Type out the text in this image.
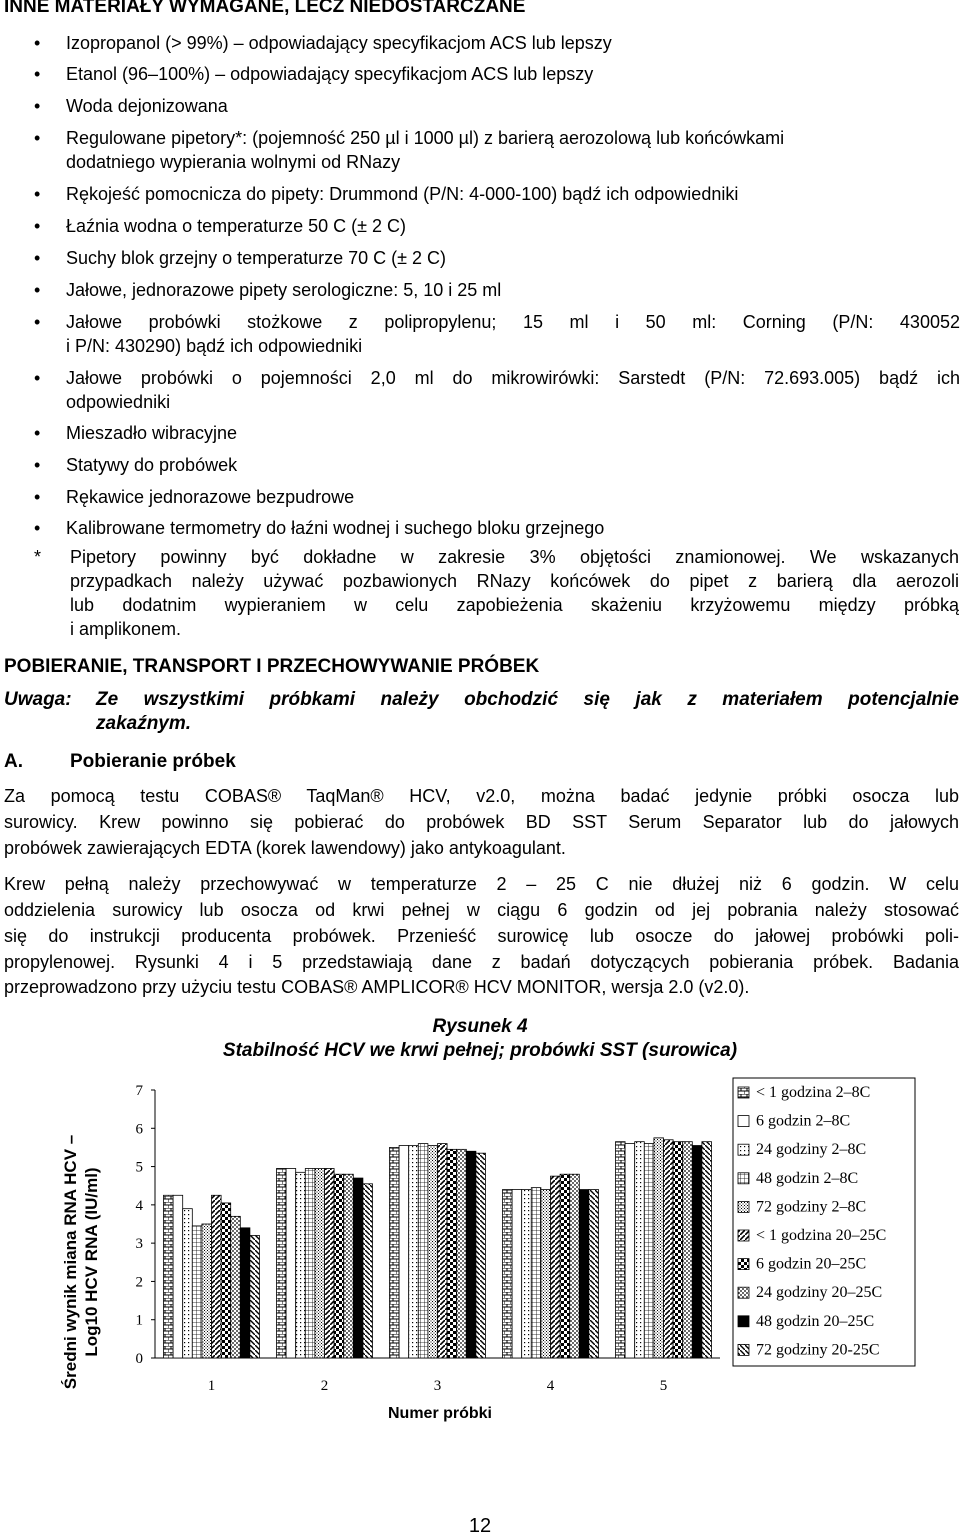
INNE MATERIAŁY WYMAGANE, LECZ NIEDOSTARCZANE
• Izopropanol (> 99%) – odpowiadający specyfikacjom ACS lub lepszy
• Etanol (96–100%) – odpowiadający specyfikacjom ACS lub lepszy
• Woda dejonizowana
• Regulowane pipetory*: (pojemność 250 µl i 1000 µl) z barierą aerozolową lub końcówkami
dodatniego wypierania wolnymi od RNazy
• Rękojeść pomocnicza do pipety: Drummond (P/N: 4-000-100) bądź ich odpowiedniki
• Łaźnia wodna o temperaturze 50 C (± 2 C)
• Suchy blok grzejny o temperaturze 70 C (± 2 C)
• Jałowe, jednorazowe pipety serologiczne: 5, 10 i 25 ml
• Jałowe probówki stożkowe z polipropylenu; 15 ml i 50 ml: Corning (P/N: 430052
i P/N: 430290) bądź ich odpowiedniki
• Jałowe probówki o pojemności 2,0 ml do mikrowirówki: Sarstedt (P/N: 72.693.005) bądź ich
odpowiedniki
• Mieszadło wibracyjne
• Statywy do probówek
• Rękawice jednorazowe bezpudrowe
• Kalibrowane termometry do łaźni wodnej i suchego bloku grzejnego
* Pipetory powinny być dokładne w zakresie 3% objętości znamionowej. We wskazanych
przypadkach należy używać pozbawionych RNazy końcówek do pipet z barierą dla aerozoli
lub dodatnim wypieraniem w celu zapobieżenia skażeniu krzyżowemu między próbką
i amplikonem.
POBIERANIE, TRANSPORT I PRZECHOWYWANIE PRÓBEK
Uwaga: Ze wszystkimi próbkami należy obchodzić się jak z materiałem potencjalnie
zakaźnym.
A. Pobieranie próbek
Za pomocą testu COBAS® TaqMan® HCV, v2.0, można badać jedynie próbki osocza lub
surowicy. Krew powinno się pobierać do probówek BD SST Serum Separator lub do jałowych
probówek zawierających EDTA (korek lawendowy) jako antykoagulant.
Krew pełną należy przechowywać w temperaturze 2 – 25 C nie dłużej niż 6 godzin. W celu
oddzielenia surowicy lub osocza od krwi pełnej w ciągu 6 godzin od jej pobrania należy stosować
się do instrukcji producenta probówek. Przenieść surowicę lub osocze do jałowej probówki poli-
propylenowej. Rysunki 4 i 5 przedstawiają dane z badań dotyczących pobierania próbek. Badania
przeprowadzono przy użyciu testu COBAS® AMPLICOR® HCV MONITOR, wersja 2.0 (v2.0).
Rysunek 4
Stabilność HCV we krwi pełnej; probówki SST (surowica)
Średni wynik miana RNA HCV – Log10 HCV RNA (IU/ml)
0
1
2
3
4
5
6
7
1	2	3	4	5
Numer próbki
< 1 godzina 2–8C
6 godzin 2–8C
24 godziny 2–8C
48 godzin 2–8C
72 godziny 2–8C
< 1 godzina 20–25C
6 godzin 20–25C
24 godziny 20–25C
48 godzin 20–25C
72 godziny 20-25C
12
